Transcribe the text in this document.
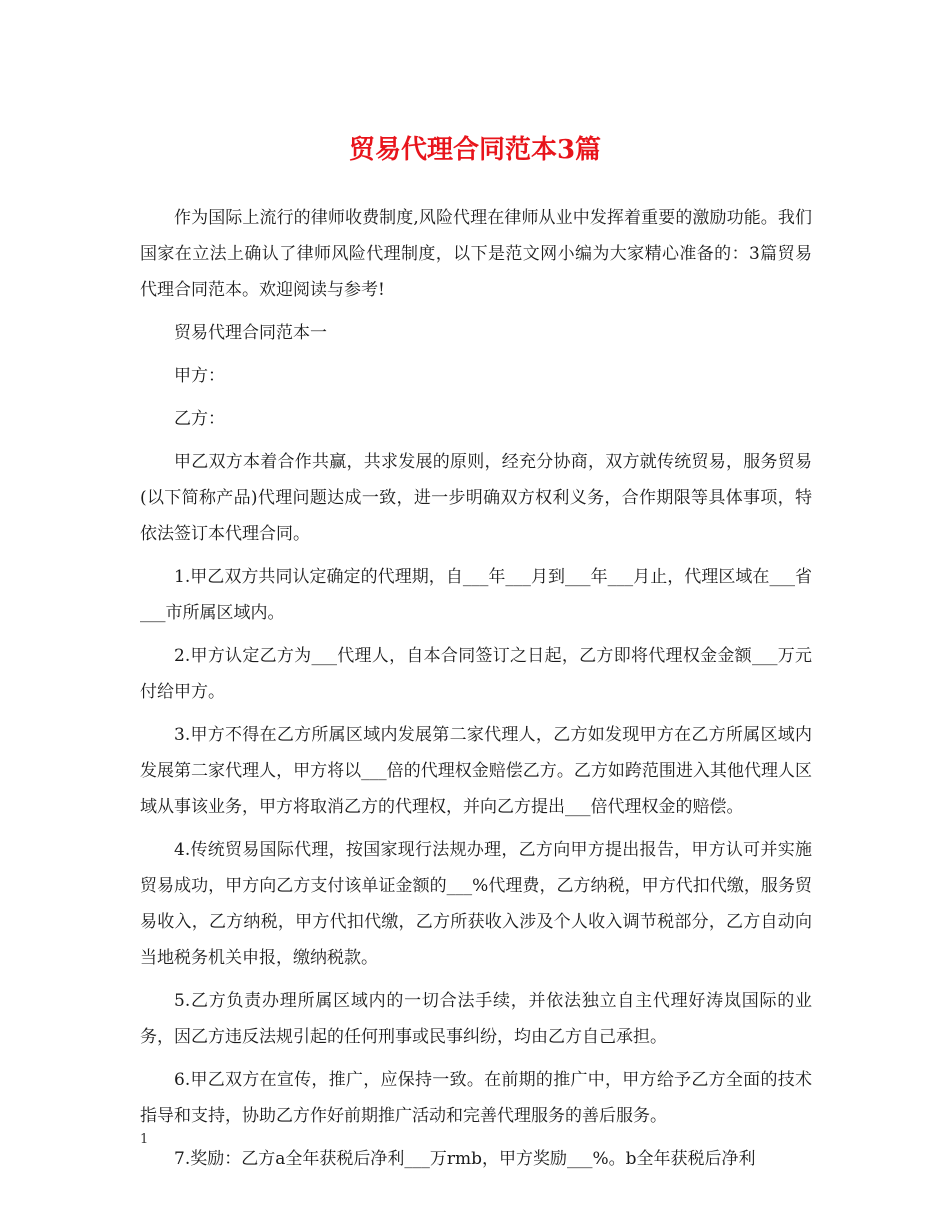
贸易代理合同范本3篇

作为国际上流行的律师收费制度,风险代理在律师从业中发挥着重要的激励功能。我们国家在立法上确认了律师风险代理制度，以下是范文网小编为大家精心准备的：3篇贸易代理合同范本。欢迎阅读与参考!

贸易代理合同范本一

甲方：

乙方：

甲乙双方本着合作共赢，共求发展的原则，经充分协商，双方就传统贸易，服务贸易(以下简称产品)代理问题达成一致，进一步明确双方权利义务，合作期限等具体事项，特依法签订本代理合同。

1.甲乙双方共同认定确定的代理期，自___年___月到___年___月止，代理区域在___省___市所属区域内。

2.甲方认定乙方为___代理人，自本合同签订之日起，乙方即将代理权金金额___万元付给甲方。

3.甲方不得在乙方所属区域内发展第二家代理人，乙方如发现甲方在乙方所属区域内发展第二家代理人，甲方将以___倍的代理权金赔偿乙方。乙方如跨范围进入其他代理人区域从事该业务，甲方将取消乙方的代理权，并向乙方提出___倍代理权金的赔偿。

4.传统贸易国际代理，按国家现行法规办理，乙方向甲方提出报告，甲方认可并实施贸易成功，甲方向乙方支付该单证金额的___%代理费，乙方纳税，甲方代扣代缴，服务贸易收入，乙方纳税，甲方代扣代缴，乙方所获收入涉及个人收入调节税部分，乙方自动向当地税务机关申报，缴纳税款。

5.乙方负责办理所属区域内的一切合法手续，并依法独立自主代理好涛岚国际的业务，因乙方违反法规引起的任何刑事或民事纠纷，均由乙方自己承担。

6.甲乙双方在宣传，推广，应保持一致。在前期的推广中，甲方给予乙方全面的技术指导和支持，协助乙方作好前期推广活动和完善代理服务的善后服务。

7.奖励：乙方a全年获税后净利___万rmb，甲方奖励___%。b全年获税后净利

1
